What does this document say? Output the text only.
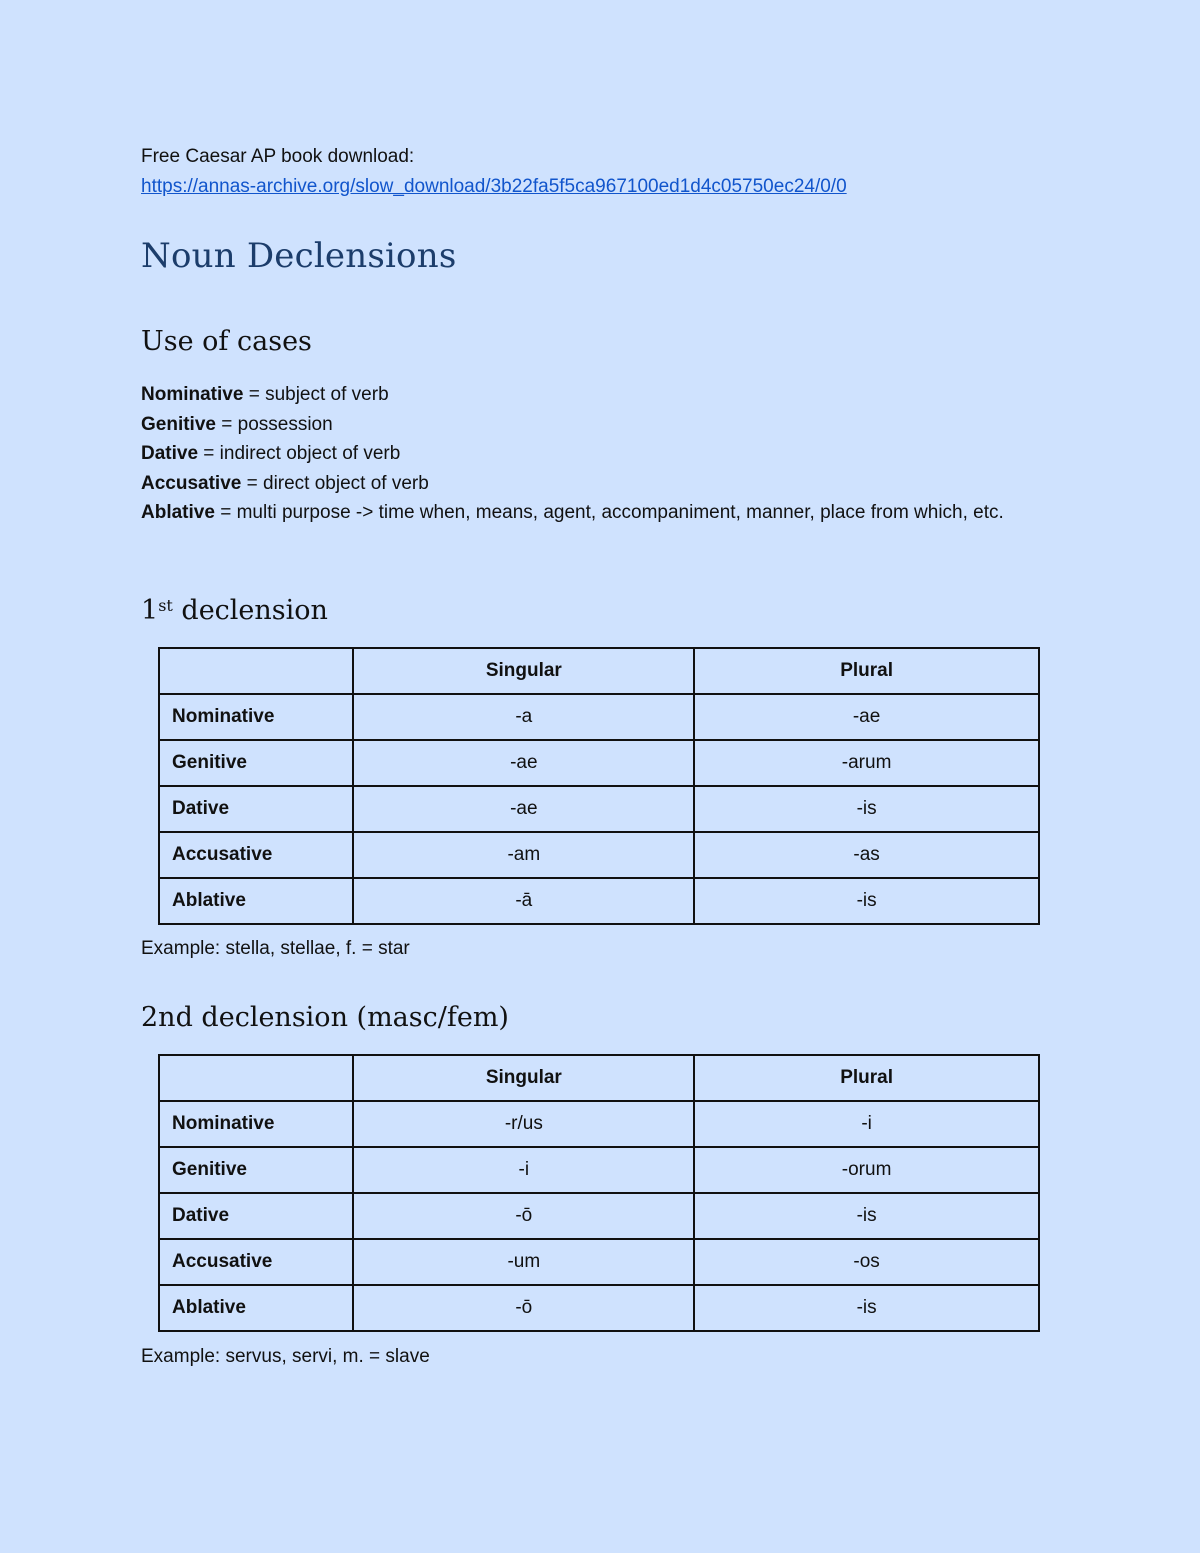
Free Caesar AP book download:
https://annas-archive.org/slow_download/3b22fa5f5ca967100ed1d4c05750ec24/0/0
Noun Declensions
Use of cases
Nominative = subject of verb
Genitive = possession
Dative = indirect object of verb
Accusative = direct object of verb
Ablative = multi purpose -> time when, means, agent, accompaniment, manner, place from which, etc.
1st declension
	Singular	Plural
Nominative	-a	-ae
Genitive	-ae	-arum
Dative	-ae	-is
Accusative	-am	-as
Ablative	-ā	-is
Example: stella, stellae, f. = star
2nd declension (masc/fem)
	Singular	Plural
Nominative	-r/us	-i
Genitive	-i	-orum
Dative	-ō	-is
Accusative	-um	-os
Ablative	-ō	-is
Example: servus, servi, m. = slave
